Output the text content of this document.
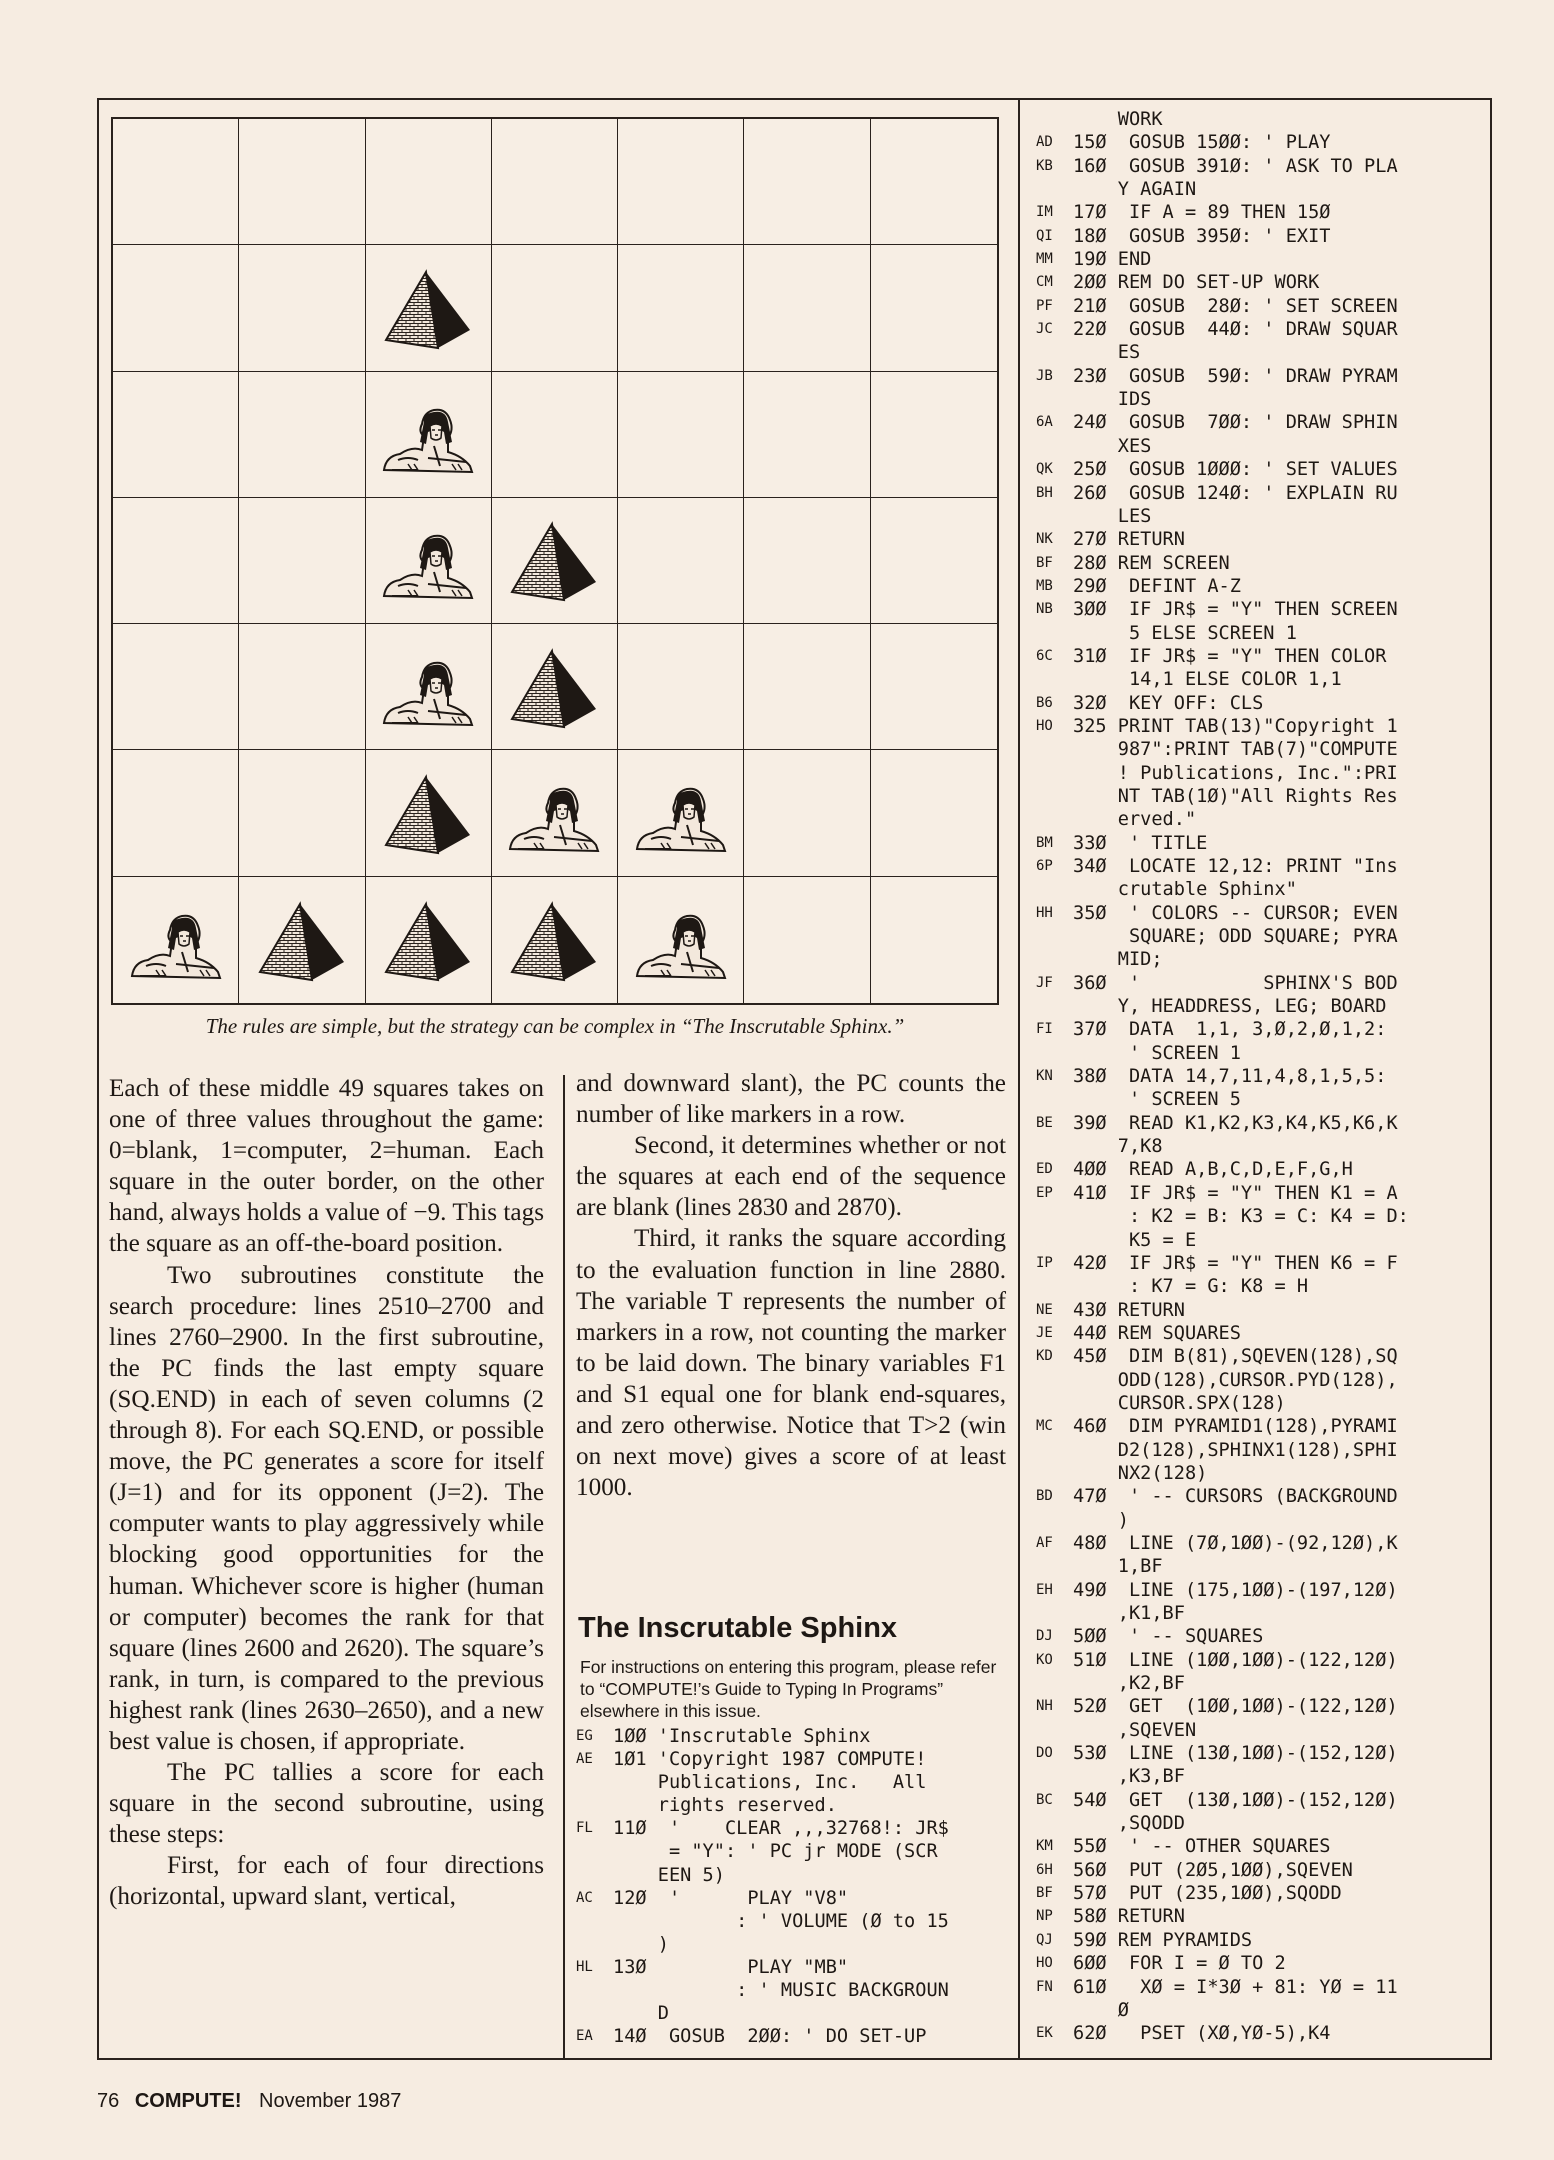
The rules are simple, but the strategy can be complex in “The Inscrutable Sphinx.”

Each of these middle 49 squares takes on one of three values throughout the game: 0=blank, 1=computer, 2=human. Each square in the outer border, on the other hand, always holds a value of −9. This tags the square as an off-the-board position.

Two subroutines constitute the search procedure: lines 2510–2700 and lines 2760–2900. In the first subroutine, the PC finds the last empty square (SQ.END) in each of seven columns (2 through 8). For each SQ.END, or possible move, the PC generates a score for itself (J=1) and for its opponent (J=2). The computer wants to play aggressively while blocking good opportunities for the human. Whichever score is higher (human or computer) becomes the rank for that square (lines 2600 and 2620). The square’s rank, in turn, is compared to the previous highest rank (lines 2630–2650), and a new best value is chosen, if appropriate.

The PC tallies a score for each square in the second subroutine, using these steps:

First, for each of four directions (horizontal, upward slant, vertical,

and downward slant), the PC counts the number of like markers in a row.

Second, it determines whether or not the squares at each end of the sequence are blank (lines 2830 and 2870).

Third, it ranks the square according to the evaluation function in line 2880. The variable T represents the number of markers in a row, not counting the marker to be laid down. The binary variables F1 and S1 equal one for blank end-squares, and zero otherwise. Notice that T>2 (win on next move) gives a score of at least 1000.

The Inscrutable Sphinx
For instructions on entering this program, please refer to “COMPUTE!’s Guide to Typing In Programs” elsewhere in this issue.
EG	1ØØ 'Inscrutable Sphinx
AE	1Ø1 'Copyright 1987 COMPUTE!
Publications, Inc.   All
rights reserved.
FL	11Ø  '    CLEAR ,,,32768!: JR$
= "Y": ' PC jr MODE (SCR
EEN 5)
AC	12Ø  '      PLAY "V8"
: ' VOLUME (Ø to 15
)
HL	13Ø         PLAY "MB"
: ' MUSIC BACKGROUN
D
EA	14Ø  GOSUB  2ØØ: ' DO SET-UP
WORK
AD	15Ø  GOSUB 15ØØ: ' PLAY
KB	16Ø  GOSUB 391Ø: ' ASK TO PLA
Y AGAIN
IM	17Ø  IF A = 89 THEN 15Ø
QI	18Ø  GOSUB 395Ø: ' EXIT
MM	19Ø END
CM	2ØØ REM DO SET-UP WORK
PF	21Ø  GOSUB  28Ø: ' SET SCREEN
JC	22Ø  GOSUB  44Ø: ' DRAW SQUAR
ES
JB	23Ø  GOSUB  59Ø: ' DRAW PYRAM
IDS
6A	24Ø  GOSUB  7ØØ: ' DRAW SPHIN
XES
QK	25Ø  GOSUB 1ØØØ: ' SET VALUES
BH	26Ø  GOSUB 124Ø: ' EXPLAIN RU
LES
NK	27Ø RETURN
BF	28Ø REM SCREEN
MB	29Ø  DEFINT A-Z
NB	3ØØ  IF JR$ = "Y" THEN SCREEN
5 ELSE SCREEN 1
6C	31Ø  IF JR$ = "Y" THEN COLOR
14,1 ELSE COLOR 1,1
B6	32Ø  KEY OFF: CLS
HO	325 PRINT TAB(13)"Copyright 1
987":PRINT TAB(7)"COMPUTE
! Publications, Inc.":PRI
NT TAB(1Ø)"All Rights Res
erved."
BM	33Ø  ' TITLE
6P	34Ø  LOCATE 12,12: PRINT "Ins
crutable Sphinx"
HH	35Ø  ' COLORS -- CURSOR; EVEN
SQUARE; ODD SQUARE; PYRA
MID;
JF	36Ø  '           SPHINX'S BOD
Y, HEADDRESS, LEG; BOARD
FI	37Ø  DATA  1,1, 3,Ø,2,Ø,1,2:
' SCREEN 1
KN	38Ø  DATA 14,7,11,4,8,1,5,5:
' SCREEN 5
BE	39Ø  READ K1,K2,K3,K4,K5,K6,K
7,K8
ED	4ØØ  READ A,B,C,D,E,F,G,H
EP	41Ø  IF JR$ = "Y" THEN K1 = A
: K2 = B: K3 = C: K4 = D:
K5 = E
IP	42Ø  IF JR$ = "Y" THEN K6 = F
: K7 = G: K8 = H
NE	43Ø RETURN
JE	44Ø REM SQUARES
KD	45Ø  DIM B(81),SQEVEN(128),SQ
ODD(128),CURSOR.PYD(128),
CURSOR.SPX(128)
MC	46Ø  DIM PYRAMID1(128),PYRAMI
D2(128),SPHINX1(128),SPHI
NX2(128)
BD	47Ø  ' -- CURSORS (BACKGROUND
)
AF	48Ø  LINE (7Ø,1ØØ)-(92,12Ø),K
1,BF
EH	49Ø  LINE (175,1ØØ)-(197,12Ø)
,K1,BF
DJ	5ØØ  ' -- SQUARES
KO	51Ø  LINE (1ØØ,1ØØ)-(122,12Ø)
,K2,BF
NH	52Ø  GET  (1ØØ,1ØØ)-(122,12Ø)
,SQEVEN
DO	53Ø  LINE (13Ø,1ØØ)-(152,12Ø)
,K3,BF
BC	54Ø  GET  (13Ø,1ØØ)-(152,12Ø)
,SQODD
KM	55Ø  ' -- OTHER SQUARES
6H	56Ø  PUT (2Ø5,1ØØ),SQEVEN
BF	57Ø  PUT (235,1ØØ),SQODD
NP	58Ø RETURN
QJ	59Ø REM PYRAMIDS
HO	6ØØ  FOR I = Ø TO 2
FN	61Ø   XØ = I*3Ø + 81: YØ = 11
Ø
EK	62Ø   PSET (XØ,YØ-5),K4
76 COMPUTE! November 1987
